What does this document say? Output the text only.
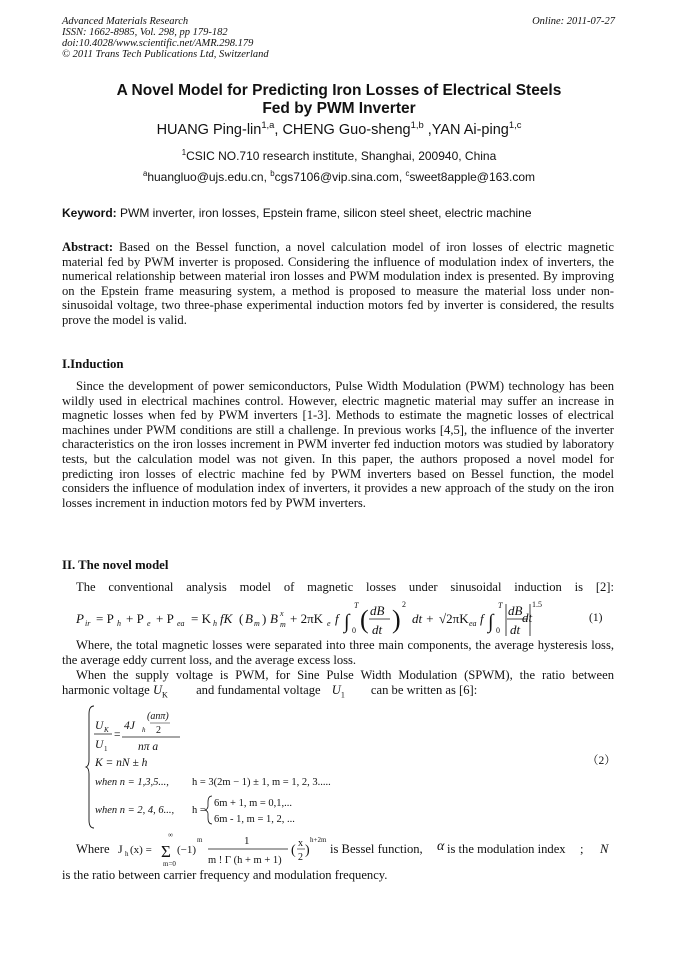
Advanced Materials Research
ISSN: 1662-8985, Vol. 298, pp 179-182
doi:10.4028/www.scientific.net/AMR.298.179
© 2011 Trans Tech Publications Ltd, Switzerland
Online: 2011-07-27
A Novel Model for Predicting Iron Losses of Electrical Steels
Fed by PWM Inverter
HUANG Ping-lin$^{1,a}$, CHENG Guo-sheng$^{1,b}$ ,YAN Ai-ping$^{1,c}$
$^1$CSIC NO.710 research institute, Shanghai, 200940, China
$^a$huangluo@ujs.edu.cn, $^b$cgs7106@vip.sina.com, $^c$sweet8apple@163.com
Keyword: PWM inverter, iron losses, Epstein frame, silicon steel sheet, electric machine
Abstract: Based on the Bessel function, a novel calculation model of iron losses of electric magnetic material fed by PWM inverter is proposed. Considering the influence of modulation index of inverters, the numerical relationship between material iron losses and PWM modulation index is presented. By improving on the Epstein frame measuring system, a method is proposed to measure the material loss under non-sinusoidal voltage, two three-phase experimental induction motors fed by inverter is considered, the results prove the model is valid.
I.Induction
Since the development of power semiconductors, Pulse Width Modulation (PWM) technology has been wildly used in electrical machines control. However, electric magnetic material may suffer an increase in magnetic losses when fed by PWM inverters [1-3]. Methods to estimate the magnetic losses of electrical machines under PWM conditions are still a challenge. In previous works [4,5], the influence of the inverter characteristics on the iron losses increment in PWM inverter fed induction motors was studied by laboratory tests, but the calculation model was not given. In this paper, the authors proposed a novel model for predicting iron losses of electric machine fed by PWM inverters based on Bessel function, the model considers the influence of modulation index of inverters, it provides a new approach of the study on the iron losses increment in induction motors fed by PWM inverters.
II. The novel model
The conventional analysis model of magnetic losses under sinusoidal induction is [2]:
P ir = P h + P e + P ea = K h fK ( B m ) B x
m + 2πK e f ∫
T
0 ( dB
dt )
2
dt + √2πK ea f ∫
T
0
dB
dt
1.5
dt	(1)
Where, the total magnetic losses were separated into three main components, the average hysteresis loss, the average eddy current loss, and the average excess loss.
When the supply voltage is PWM, for Sine Pulse Width Modulation (SPWM), the ratio between
harmonic voltage $U_K$ and fundamental voltage $U_1$ can be written as [6]:
U K
U 1
=
4J h
(anπ)
2
nπ a
K = nN ± h
when n = 1,3,5..., h = 3(2m − 1) ± 1, m = 1, 2, 3.....
when n = 2, 4, 6..., h =
6m + 1, m = 0,1,...
6m - 1, m = 1, 2, ...
（2）
Where J h (x) =
∞
Σ
m=0
(−1)
m	1
m ! Γ (h + m + 1)
( x
2 )
h+2m
is Bessel function, α is the modulation index ; N
is the ratio between carrier frequency and modulation frequency.
